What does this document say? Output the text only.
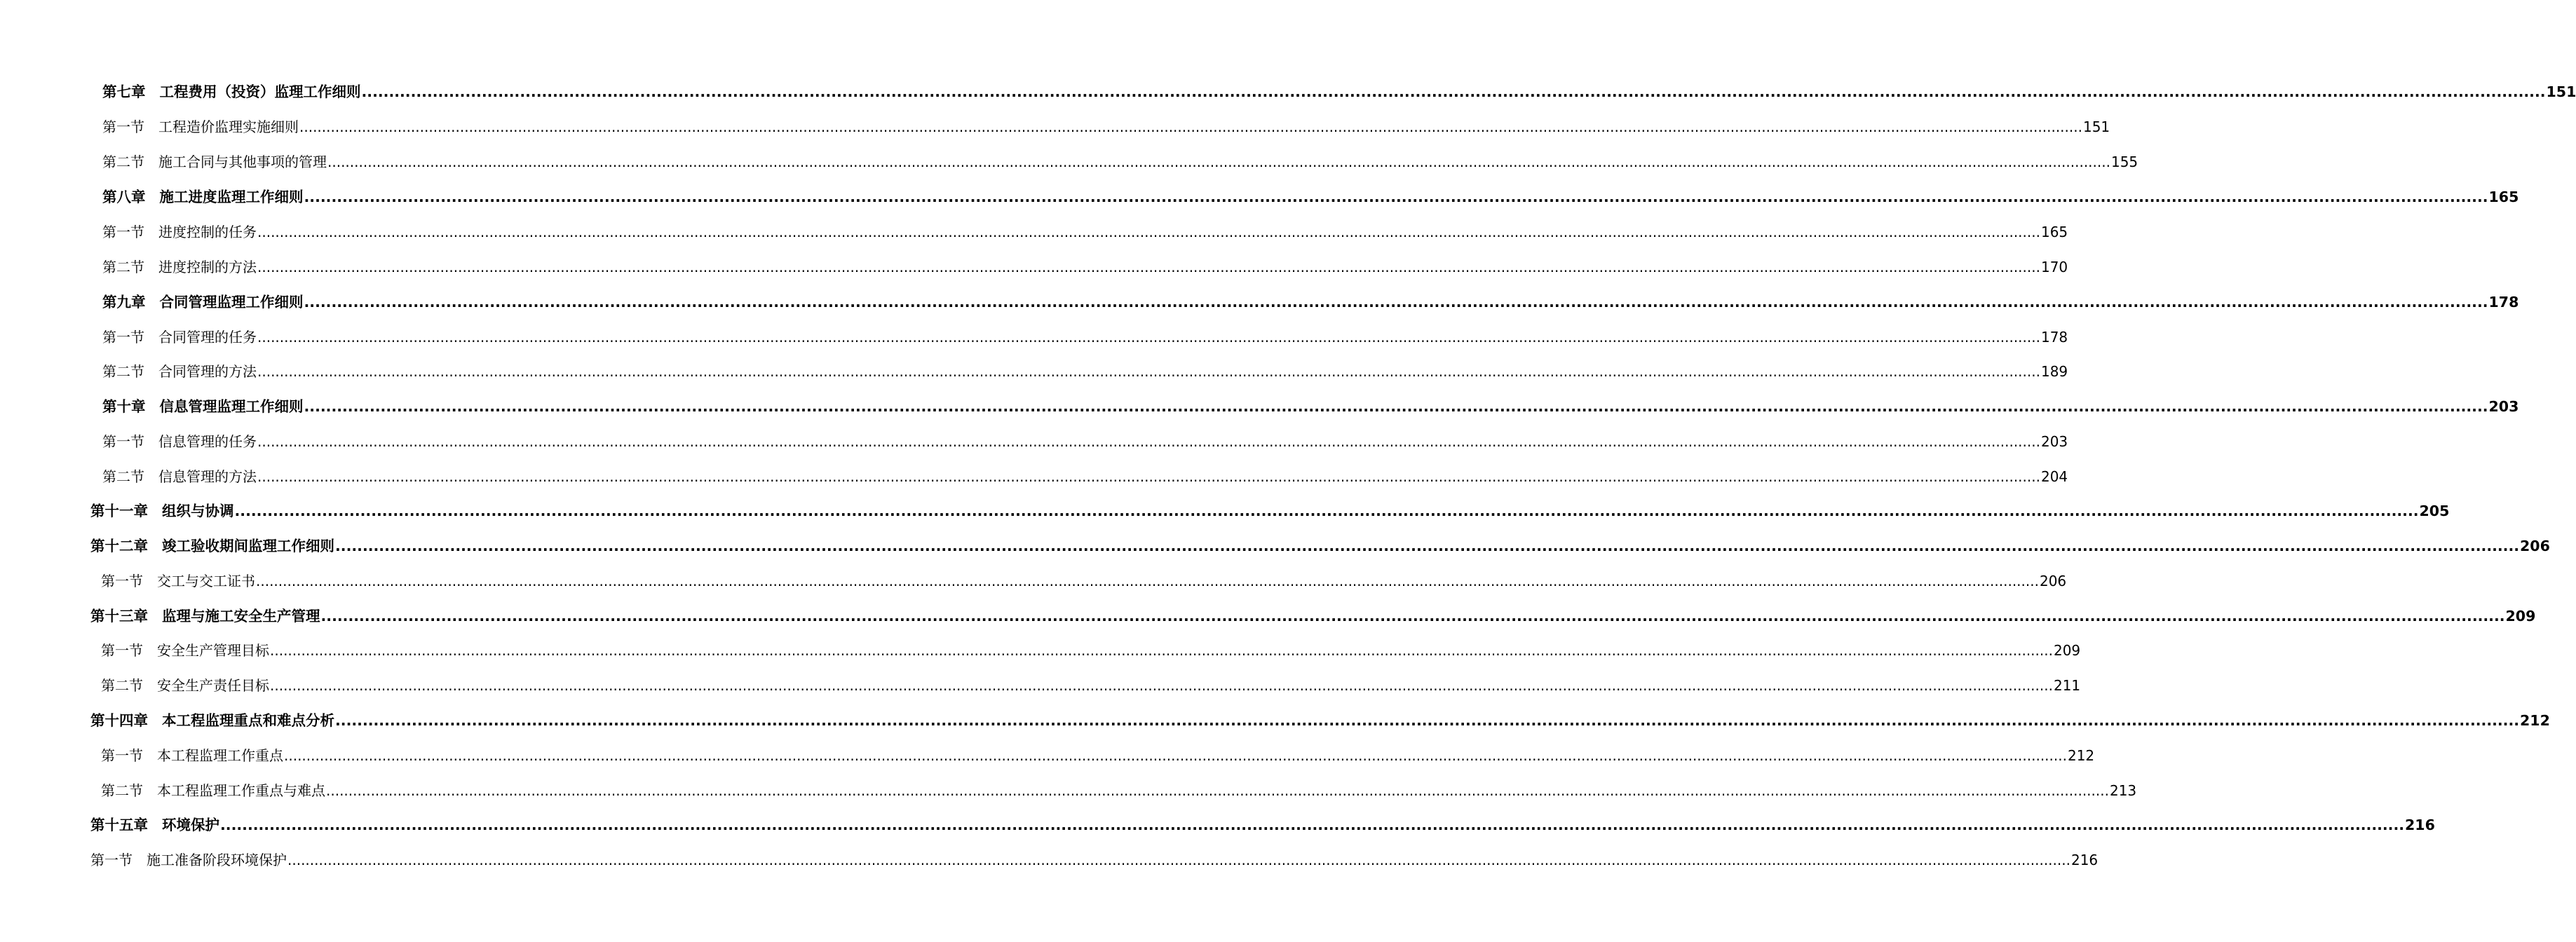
第七章 工程费用（投资）监理工作细则 ................................................................................................................................................................................................................................................................................................................................................................................................................ 151
第一节 工程造价监理实施细则 ................................................................................................................................................................................................................................................................................................................................................................................................................ 151
第二节 施工合同与其他事项的管理 ................................................................................................................................................................................................................................................................................................................................................................................................................ 155
第八章 施工进度监理工作细则 ................................................................................................................................................................................................................................................................................................................................................................................................................ 165
第一节 进度控制的任务 ................................................................................................................................................................................................................................................................................................................................................................................................................ 165
第二节 进度控制的方法 ................................................................................................................................................................................................................................................................................................................................................................................................................ 170
第九章 合同管理监理工作细则 ................................................................................................................................................................................................................................................................................................................................................................................................................ 178
第一节 合同管理的任务 ................................................................................................................................................................................................................................................................................................................................................................................................................ 178
第二节 合同管理的方法 ................................................................................................................................................................................................................................................................................................................................................................................................................ 189
第十章 信息管理监理工作细则 ................................................................................................................................................................................................................................................................................................................................................................................................................ 203
第一节 信息管理的任务 ................................................................................................................................................................................................................................................................................................................................................................................................................ 203
第二节 信息管理的方法 ................................................................................................................................................................................................................................................................................................................................................................................................................ 204
第十一章 组织与协调 ................................................................................................................................................................................................................................................................................................................................................................................................................ 205
第十二章 竣工验收期间监理工作细则 ................................................................................................................................................................................................................................................................................................................................................................................................................ 206
第一节 交工与交工证书 ................................................................................................................................................................................................................................................................................................................................................................................................................ 206
第十三章 监理与施工安全生产管理 ................................................................................................................................................................................................................................................................................................................................................................................................................ 209
第一节 安全生产管理目标 ................................................................................................................................................................................................................................................................................................................................................................................................................ 209
第二节 安全生产责任目标 ................................................................................................................................................................................................................................................................................................................................................................................................................ 211
第十四章 本工程监理重点和难点分析 ................................................................................................................................................................................................................................................................................................................................................................................................................ 212
第一节 本工程监理工作重点 ................................................................................................................................................................................................................................................................................................................................................................................................................ 212
第二节 本工程监理工作重点与难点 ................................................................................................................................................................................................................................................................................................................................................................................................................ 213
第十五章 环境保护 ................................................................................................................................................................................................................................................................................................................................................................................................................ 216
第一节 施工准备阶段环境保护 ................................................................................................................................................................................................................................................................................................................................................................................................................ 216
